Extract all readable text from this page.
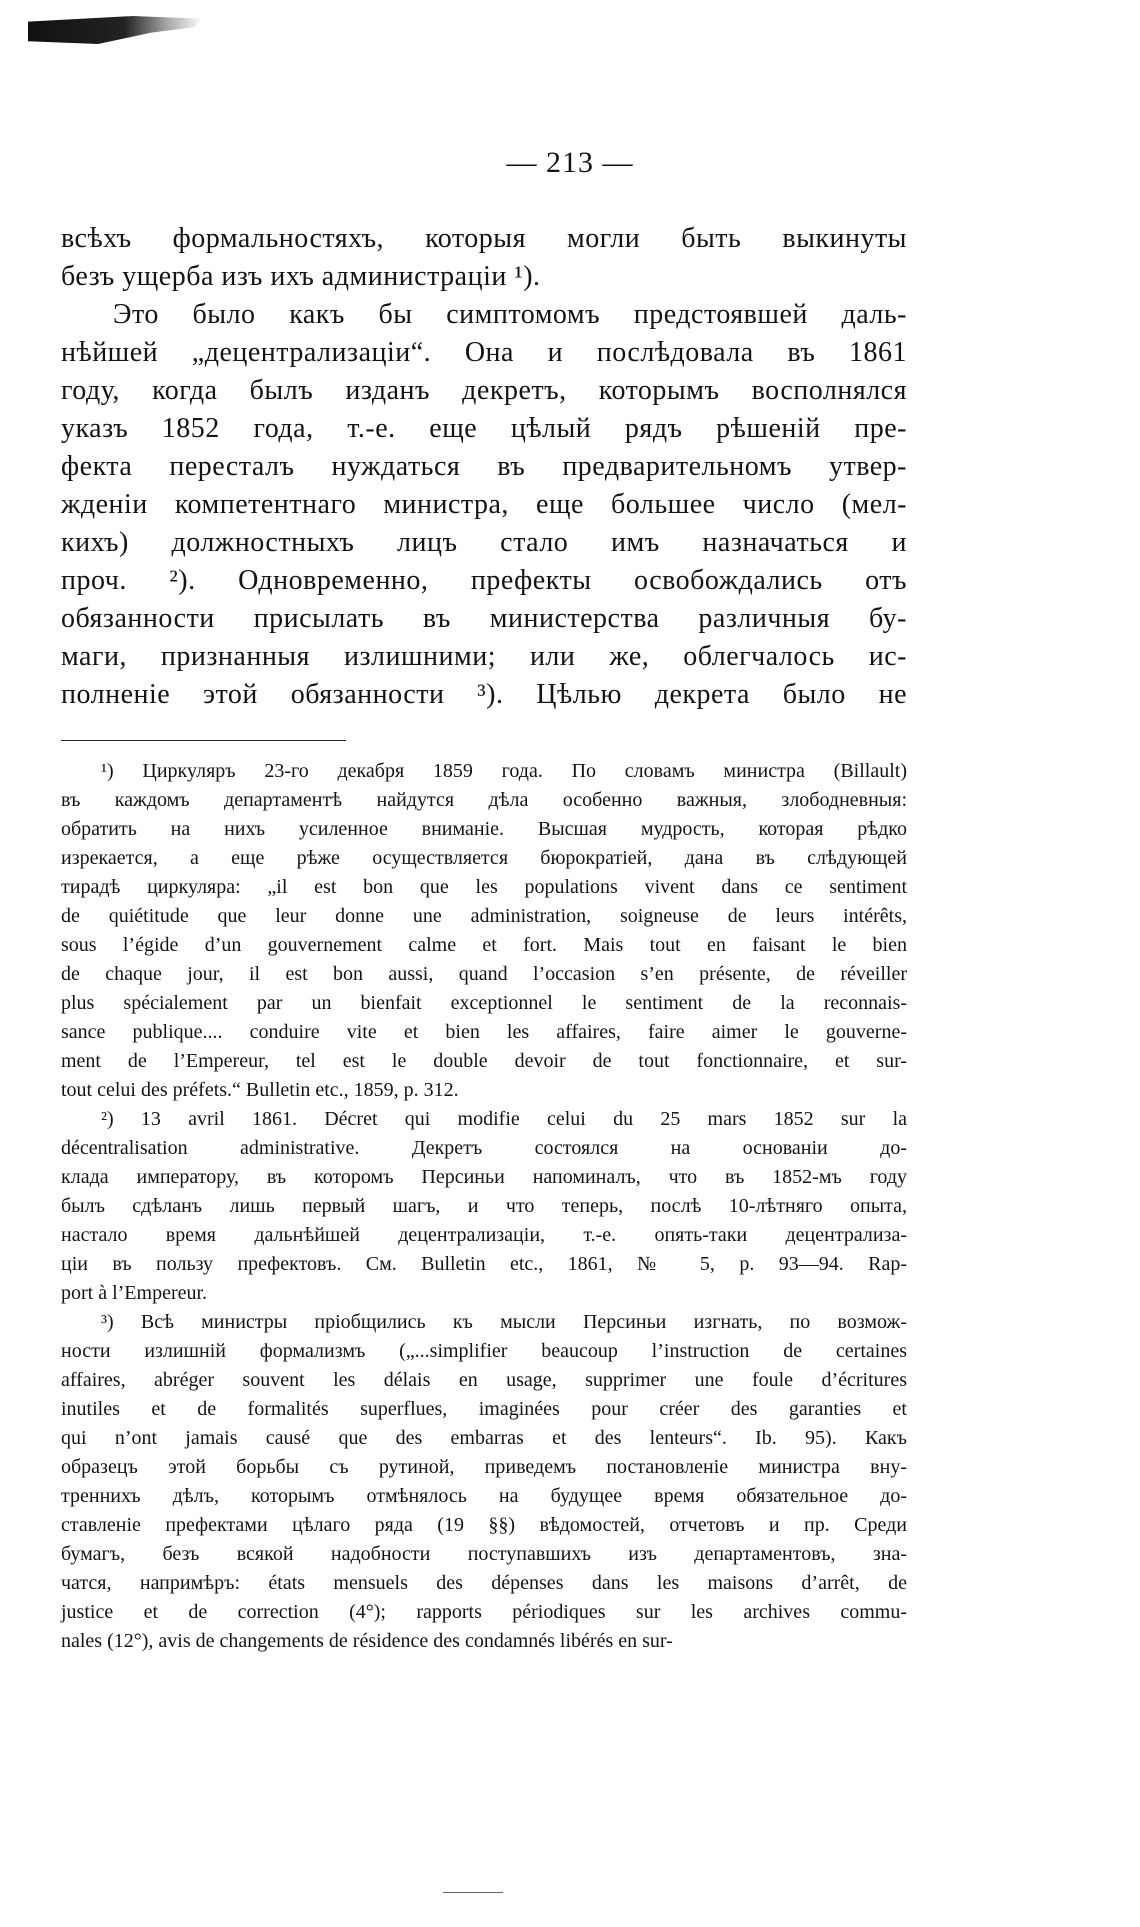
— 213 —
всѣхъ формальностяхъ, которыя могли быть выкинуты
безъ ущерба изъ ихъ администраціи ¹).
Это было какъ бы симптомомъ предстоявшей даль-
нѣйшей „децентрализаціи“. Она и послѣдовала въ 1861
году, когда былъ изданъ декретъ, которымъ восполнялся
указъ 1852 года, т.-е. еще цѣлый рядъ рѣшеній пре-
фекта пересталъ нуждаться въ предварительномъ утвер-
жденіи компетентнаго министра, еще большее число (мел-
кихъ) должностныхъ лицъ стало имъ назначаться и
проч. ²). Одновременно, префекты освобождались отъ
обязанности присылать въ министерства различныя бу-
маги, признанныя излишними; или же, облегчалось ис-
полненіе этой обязанности ³). Цѣлью декрета было не
¹) Циркуляръ 23-го декабря 1859 года. По словамъ министра (Billault)
въ каждомъ департаментѣ найдутся дѣла особенно важныя, злободневныя:
обратить на нихъ усиленное вниманіе. Высшая мудрость, которая рѣдко
изрекается, а еще рѣже осуществляется бюрократіей, дана въ слѣдующей
тирадѣ циркуляра: „il est bon que les populations vivent dans ce sentiment
de quiétitude que leur donne une administration, soigneuse de leurs intérêts,
sous l’égide d’un gouvernement calme et fort. Mais tout en faisant le bien
de chaque jour, il est bon aussi, quand l’occasion s’en présente, de réveiller
plus spécialement par un bienfait exceptionnel le sentiment de la reconnais-
sance publique.... conduire vite et bien les affaires, faire aimer le gouverne-
ment de l’Empereur, tel est le double devoir de tout fonctionnaire, et sur-
tout celui des préfets.“ Bulletin etc., 1859, p. 312.
²) 13 avril 1861. Décret qui modifie celui du 25 mars 1852 sur la
décentralisation administrative. Декретъ состоялся на основаніи до-
клада императору, въ которомъ Персиньи напоминалъ, что въ 1852-мъ году
былъ сдѣланъ лишь первый шагъ, и что теперь, послѣ 10-лѣтняго опыта,
настало время дальнѣйшей децентрализаціи, т.-е. опять-таки децентрализа-
ціи въ пользу префектовъ. См. Bulletin etc., 1861, № 5, p. 93—94. Rap-
port à l’Empereur.
³) Всѣ министры пріобщились къ мысли Персиньи изгнать, по возмож-
ности излишній формализмъ („...simplifier beaucoup l’instruction de certaines
affaires, abréger souvent les délais en usage, supprimer une foule d’écritures
inutiles et de formalités superflues, imaginées pour créer des garanties et
qui n’ont jamais causé que des embarras et des lenteurs“. Ib. 95). Какъ
образецъ этой борьбы съ рутиной, приведемъ постановленіе министра вну-
треннихъ дѣлъ, которымъ отмѣнялось на будущее время обязательное до-
ставленіе префектами цѣлаго ряда (19 §§) вѣдомостей, отчетовъ и пр. Среди
бумагъ, безъ всякой надобности поступавшихъ изъ департаментовъ, зна-
чатся, напримѣръ: états mensuels des dépenses dans les maisons d’arrêt, de
justice et de correction (4°); rapports périodiques sur les archives commu-
nales (12°), avis de changements de résidence des condamnés libérés en sur-
